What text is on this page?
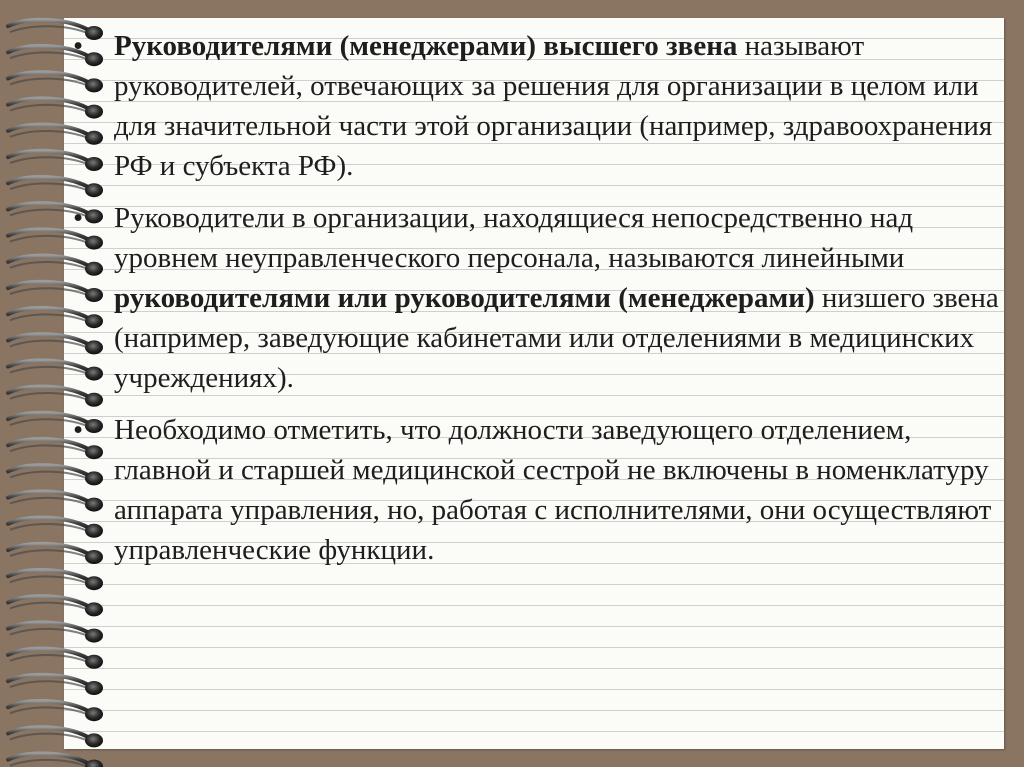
•	Руководителями (менеджерами) высшего звена называют руководителей, отвечающих за решения для организации в целом или для значительной части этой организации (например, здравоохранения РФ и субъекта РФ).
•	Руководители в организации, находящиеся непосредственно над уровнем неуправленческого персонала, называются линейными руководителями или руководителями (менеджерами) низшего звена (например, заведующие кабинетами или отделениями в медицинских учреждениях).
•	Необходимо отметить, что должности заведующего отделением, главной и старшей медицинской сестрой не включены в номенклатуру аппарата управления, но, работая с исполнителями, они осуществляют управленческие функции.
